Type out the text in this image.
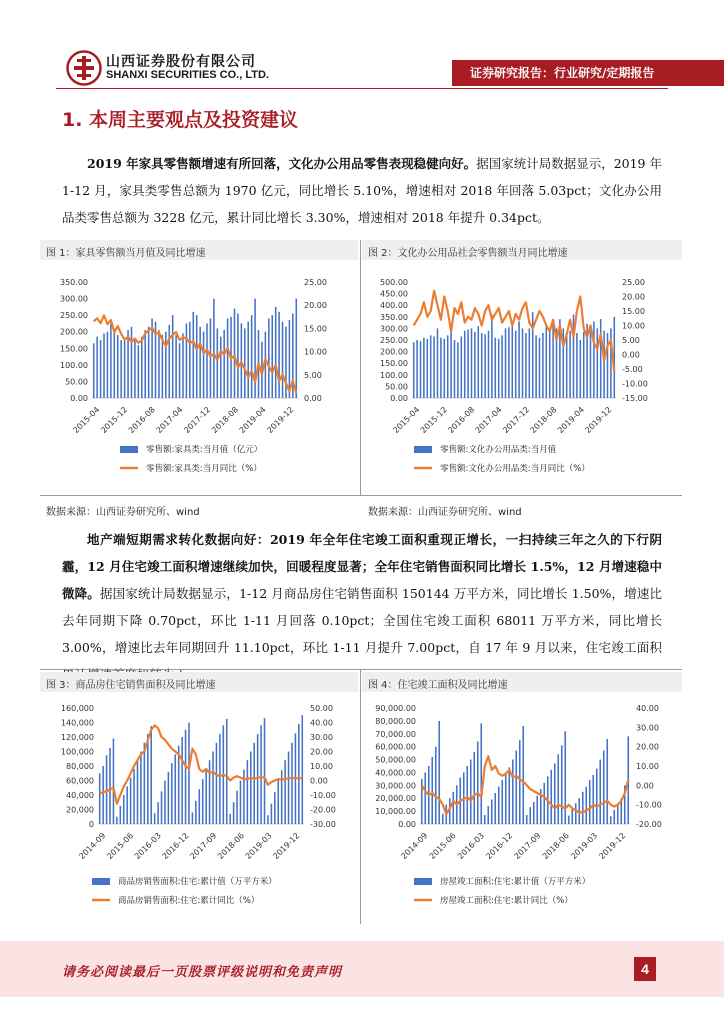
山西证券股份有限公司
SHANXI SECURITIES CO., LTD.	证券研究报告：行业研究/定期报告
1. 本周主要观点及投资建议
2019 年家具零售额增速有所回落，文化办公用品零售表现稳健向好。据国家统计局数据显示，2019 年 1-12 月，家具类零售总额为 1970 亿元，同比增长 5.10%，增速相对 2018 年回落 5.03pct；文化办公用品类零售总额为 3228 亿元，累计同比增长 3.30%，增速相对 2018 年提升 0.34pct。
图 1：家具零售额当月值及同比增速	图 2：文化办公用品社会零售额当月同比增速
0.00
50.00
100.00
150.00
200.00
250.00
300.00
350.00
0.00
5.00
10.00
15.00
20.00
25.00
2015-04
2015-12
2016-08
2017-04
2017-12
2018-08
2019-04
2019-12
零售额:家具类:当月值（亿元）
零售额:家具类:当月同比（%）
0.00
50.00
100.00
150.00
200.00
250.00
300.00
350.00
400.00
450.00
500.00
-15.00
-10.00
-5.00
0.00
5.00
10.00
15.00
20.00
25.00
2015-04
2015-12
2016-08
2017-04
2017-12
2018-08
2019-04
2019-12
零售额:文化办公用品类:当月值
零售额:文化办公用品类:当月同比（%）
数据来源：山西证券研究所、wind	数据来源：山西证券研究所、wind
地产端短期需求转化数据向好：2019 年全年住宅竣工面积重现正增长，一扫持续三年之久的下行阴霾，12 月住宅竣工面积增速继续加快，回暖程度显著；全年住宅销售面积同比增长 1.5%，12 月增速稳中微降。据国家统计局数据显示，1-12 月商品房住宅销售面积 150144 万平方米，同比增长 1.50%，增速比去年同期下降 0.70pct，环比 1-11 月回落 0.10pct；全国住宅竣工面积 68011 万平方米，同比增长 3.00%，增速比去年同期回升 11.10pct，环比 1-11 月提升 7.00pct，自 17 年 9 月以来，住宅竣工面积
图 3：商品房住宅销售面积及同比增速	图 4：住宅竣工面积及同比增速
0
20,000
40,000
60,000
80,000
100,000
120,000
140,000
160,000
-30.00
-20.00
-10.00
0.00
10.00
20.00
30.00
40.00
50.00
2014-09
2015-06
2016-03
2016-12
2017-09
2018-06
2019-03
2019-12
商品房销售面积:住宅:累计值（万平方米）
商品房销售面积:住宅:累计同比（%）
0.00
10,000.00
20,000.00
30,000.00
40,000.00
50,000.00
60,000.00
70,000.00
80,000.00
90,000.00
-20.00
-10.00
0.00
10.00
20.00
30.00
40.00
2014-09
2015-06
2016-03
2016-12
2017-09
2018-06
2019-03
2019-12
房屋竣工面积:住宅:累计值（万平方米）
房屋竣工面积:住宅:累计同比（%）
请务必阅读最后一页股票评级说明和免责声明	4
